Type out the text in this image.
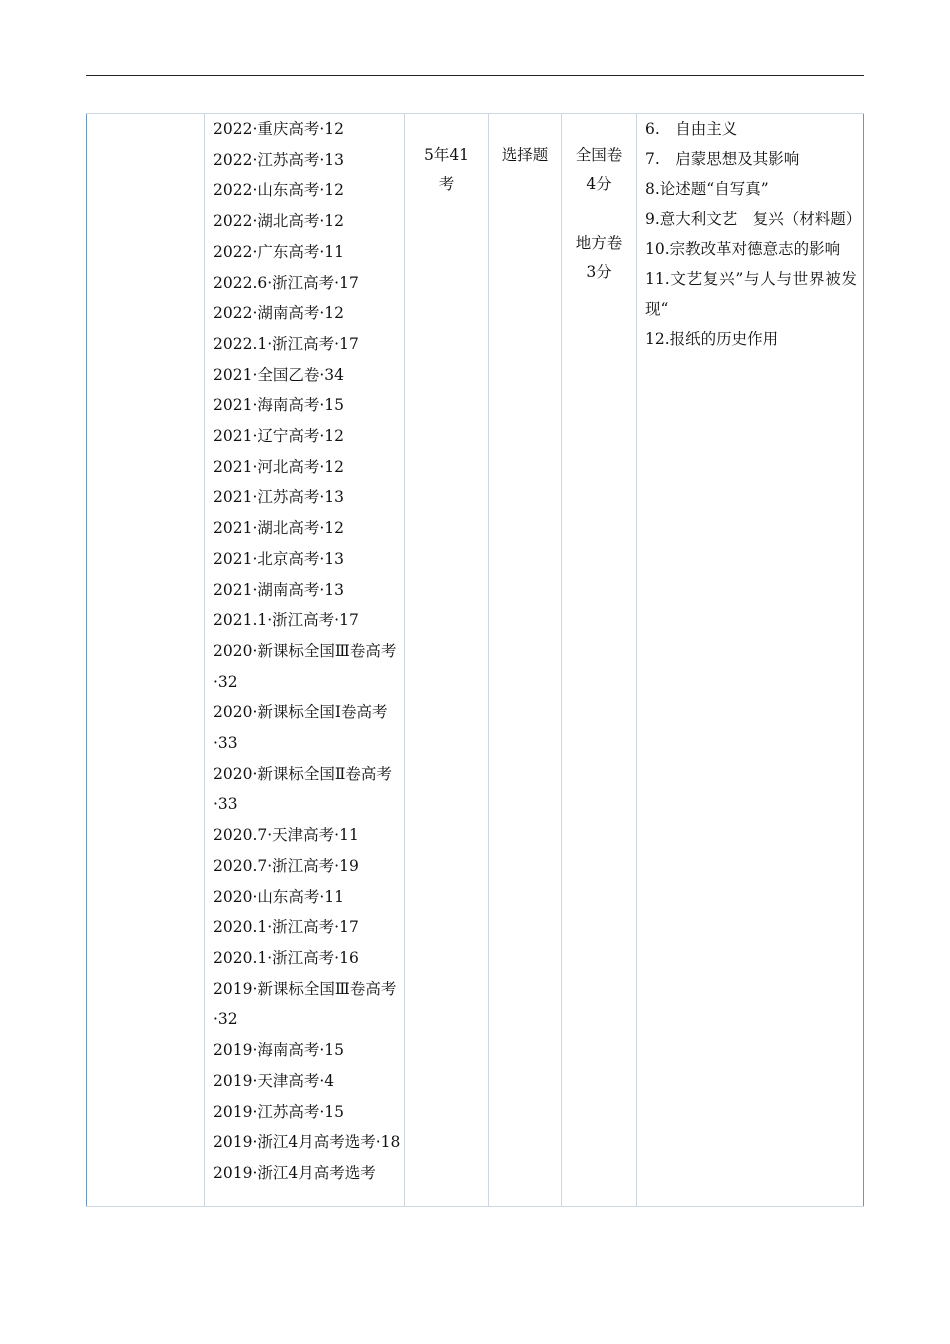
2022·重庆高考·12
2022·江苏高考·13
2022·山东高考·12
2022·湖北高考·12
2022·广东高考·11
2022.6·浙江高考·17
2022·湖南高考·12
2022.1·浙江高考·17
2021·全国乙卷·34
2021·海南高考·15
2021·辽宁高考·12
2021·河北高考·12
2021·江苏高考·13
2021·湖北高考·12
2021·北京高考·13
2021·湖南高考·13
2021.1·浙江高考·17
2020·新课标全国Ⅲ卷高考·32
2020·新课标全国Ⅰ卷高考·33
2020·新课标全国Ⅱ卷高考·33
2020.7·天津高考·11
2020.7·浙江高考·19
2020·山东高考·11
2020.1·浙江高考·17
2020.1·浙江高考·16
2019·新课标全国Ⅲ卷高考·32
2019·海南高考·15
2019·天津高考·4
2019·江苏高考·15
2019·浙江4月高考选考·18
2019·浙江4月高考选考
5年41考
选择题	全国卷4分
地方卷3分
6.　自由主义
7.　启蒙思想及其影响
8.论述题“自写真”
9.意大利文艺　复兴（材料题）
10.宗教改革对德意志的影响
11.文艺复兴”与人与世界被发现“
12.报纸的历史作用
